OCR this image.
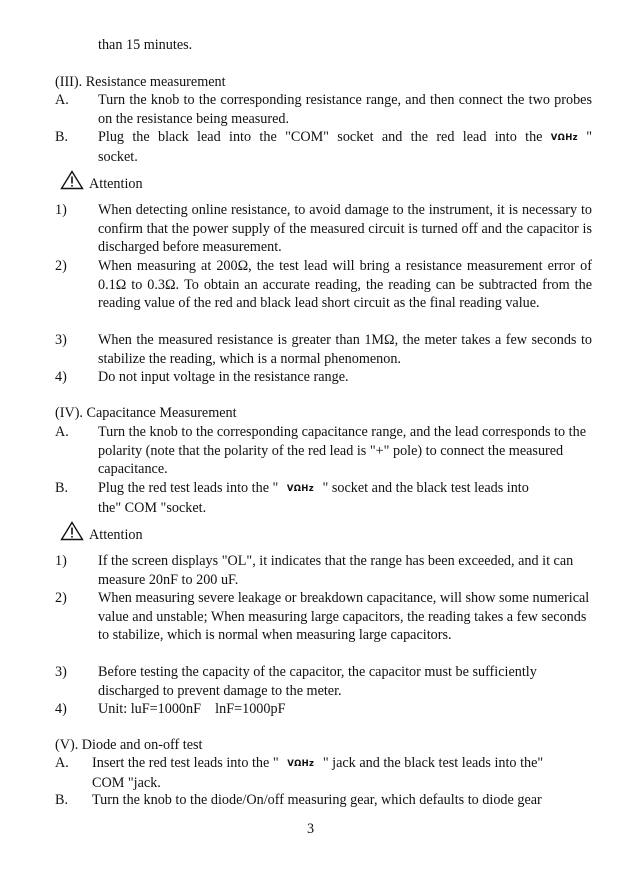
than 15 minutes.
(III). Resistance measurement
A. Turn the knob to the corresponding resistance range, and then connect the two probes on the resistance being measured.
B. Plug the black lead into the "COM" socket and the red lead into the VΩHz "
socket.
Attention
1) When detecting online resistance, to avoid damage to the instrument, it is necessary to confirm that the power supply of the measured circuit is turned off and the capacitor is discharged before measurement.
2) When measuring at 200Ω, the test lead will bring a resistance measurement error of 0.1Ω to 0.3Ω. To obtain an accurate reading, the reading can be subtracted from the reading value of the red and black lead short circuit as the final reading value.
3) When the measured resistance is greater than 1MΩ, the meter takes a few seconds to stabilize the reading, which is a normal phenomenon.
4) Do not input voltage in the resistance range.
(IV). Capacitance Measurement
A. Turn the knob to the corresponding capacitance range, and the lead corresponds to the polarity (note that the polarity of the red lead is "+" pole) to connect the measured capacitance.
B. Plug the red test leads into the " VΩHz " socket and the black test leads into
the" COM "socket.
Attention
1) If the screen displays "OL", it indicates that the range has been exceeded, and it can measure 20nF to 200 uF.
2) When measuring severe leakage or breakdown capacitance, will show some numerical value and unstable; When measuring large capacitors, the reading takes a few seconds to stabilize, which is normal when measuring large capacitors.
3) Before testing the capacity of the capacitor, the capacitor must be sufficiently discharged to prevent damage to the meter.
4) Unit: luF=1000nF    lnF=1000pF
(V). Diode and on-off test
A. Insert the red test leads into the " VΩHz " jack and the black test leads into the"
COM "jack.
B. Turn the knob to the diode/On/off measuring gear, which defaults to diode gear
3
